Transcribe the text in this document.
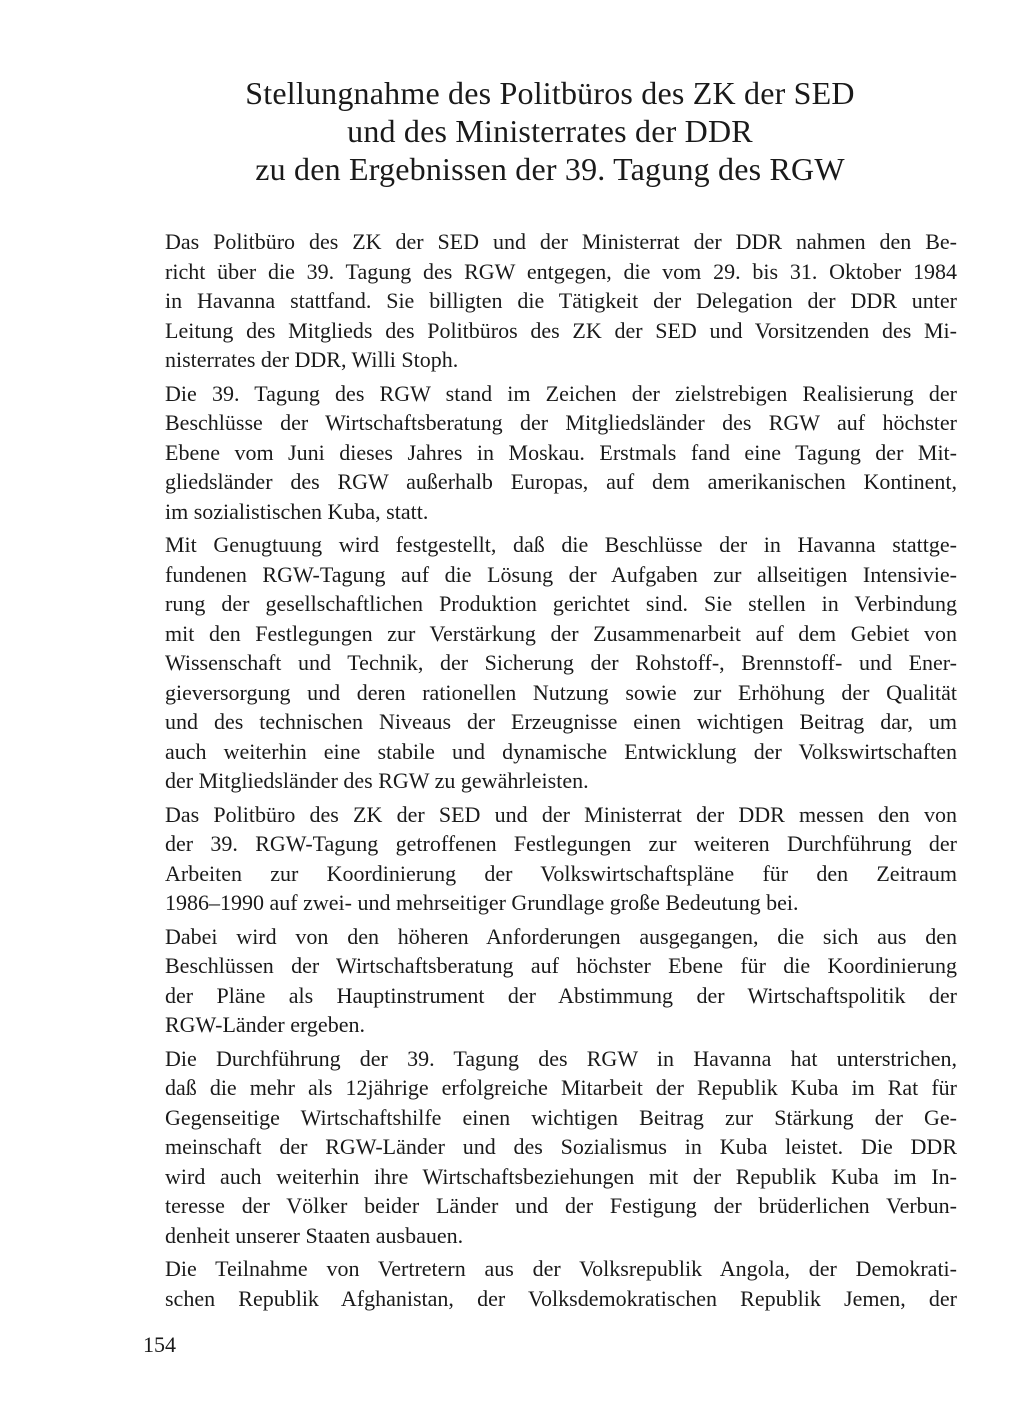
Stellungnahme des Politbüros des ZK der SED
und des Ministerrates der DDR
zu den Ergebnissen der 39. Tagung des RGW
Das Politbüro des ZK der SED und der Ministerrat der DDR nahmen den Be-
richt über die 39. Tagung des RGW entgegen, die vom 29. bis 31. Oktober 1984
in Havanna stattfand. Sie billigten die Tätigkeit der Delegation der DDR unter
Leitung des Mitglieds des Politbüros des ZK der SED und Vorsitzenden des Mi-
nisterrates der DDR, Willi Stoph.
Die 39. Tagung des RGW stand im Zeichen der zielstrebigen Realisierung der
Beschlüsse der Wirtschaftsberatung der Mitgliedsländer des RGW auf höchster
Ebene vom Juni dieses Jahres in Moskau. Erstmals fand eine Tagung der Mit-
gliedsländer des RGW außerhalb Europas, auf dem amerikanischen Kontinent,
im sozialistischen Kuba, statt.
Mit Genugtuung wird festgestellt, daß die Beschlüsse der in Havanna stattge-
fundenen RGW-Tagung auf die Lösung der Aufgaben zur allseitigen Intensivie-
rung der gesellschaftlichen Produktion gerichtet sind. Sie stellen in Verbindung
mit den Festlegungen zur Verstärkung der Zusammenarbeit auf dem Gebiet von
Wissenschaft und Technik, der Sicherung der Rohstoff-, Brennstoff- und Ener-
gieversorgung und deren rationellen Nutzung sowie zur Erhöhung der Qualität
und des technischen Niveaus der Erzeugnisse einen wichtigen Beitrag dar, um
auch weiterhin eine stabile und dynamische Entwicklung der Volkswirtschaften
der Mitgliedsländer des RGW zu gewährleisten.
Das Politbüro des ZK der SED und der Ministerrat der DDR messen den von
der 39. RGW-Tagung getroffenen Festlegungen zur weiteren Durchführung der
Arbeiten zur Koordinierung der Volkswirtschaftspläne für den Zeitraum
1986–1990 auf zwei- und mehrseitiger Grundlage große Bedeutung bei.
Dabei wird von den höheren Anforderungen ausgegangen, die sich aus den
Beschlüssen der Wirtschaftsberatung auf höchster Ebene für die Koordinierung
der Pläne als Hauptinstrument der Abstimmung der Wirtschaftspolitik der
RGW-Länder ergeben.
Die Durchführung der 39. Tagung des RGW in Havanna hat unterstrichen,
daß die mehr als 12jährige erfolgreiche Mitarbeit der Republik Kuba im Rat für
Gegenseitige Wirtschaftshilfe einen wichtigen Beitrag zur Stärkung der Ge-
meinschaft der RGW-Länder und des Sozialismus in Kuba leistet. Die DDR
wird auch weiterhin ihre Wirtschaftsbeziehungen mit der Republik Kuba im In-
teresse der Völker beider Länder und der Festigung der brüderlichen Verbun-
denheit unserer Staaten ausbauen.
Die Teilnahme von Vertretern aus der Volksrepublik Angola, der Demokrati-
schen Republik Afghanistan, der Volksdemokratischen Republik Jemen, der
154
